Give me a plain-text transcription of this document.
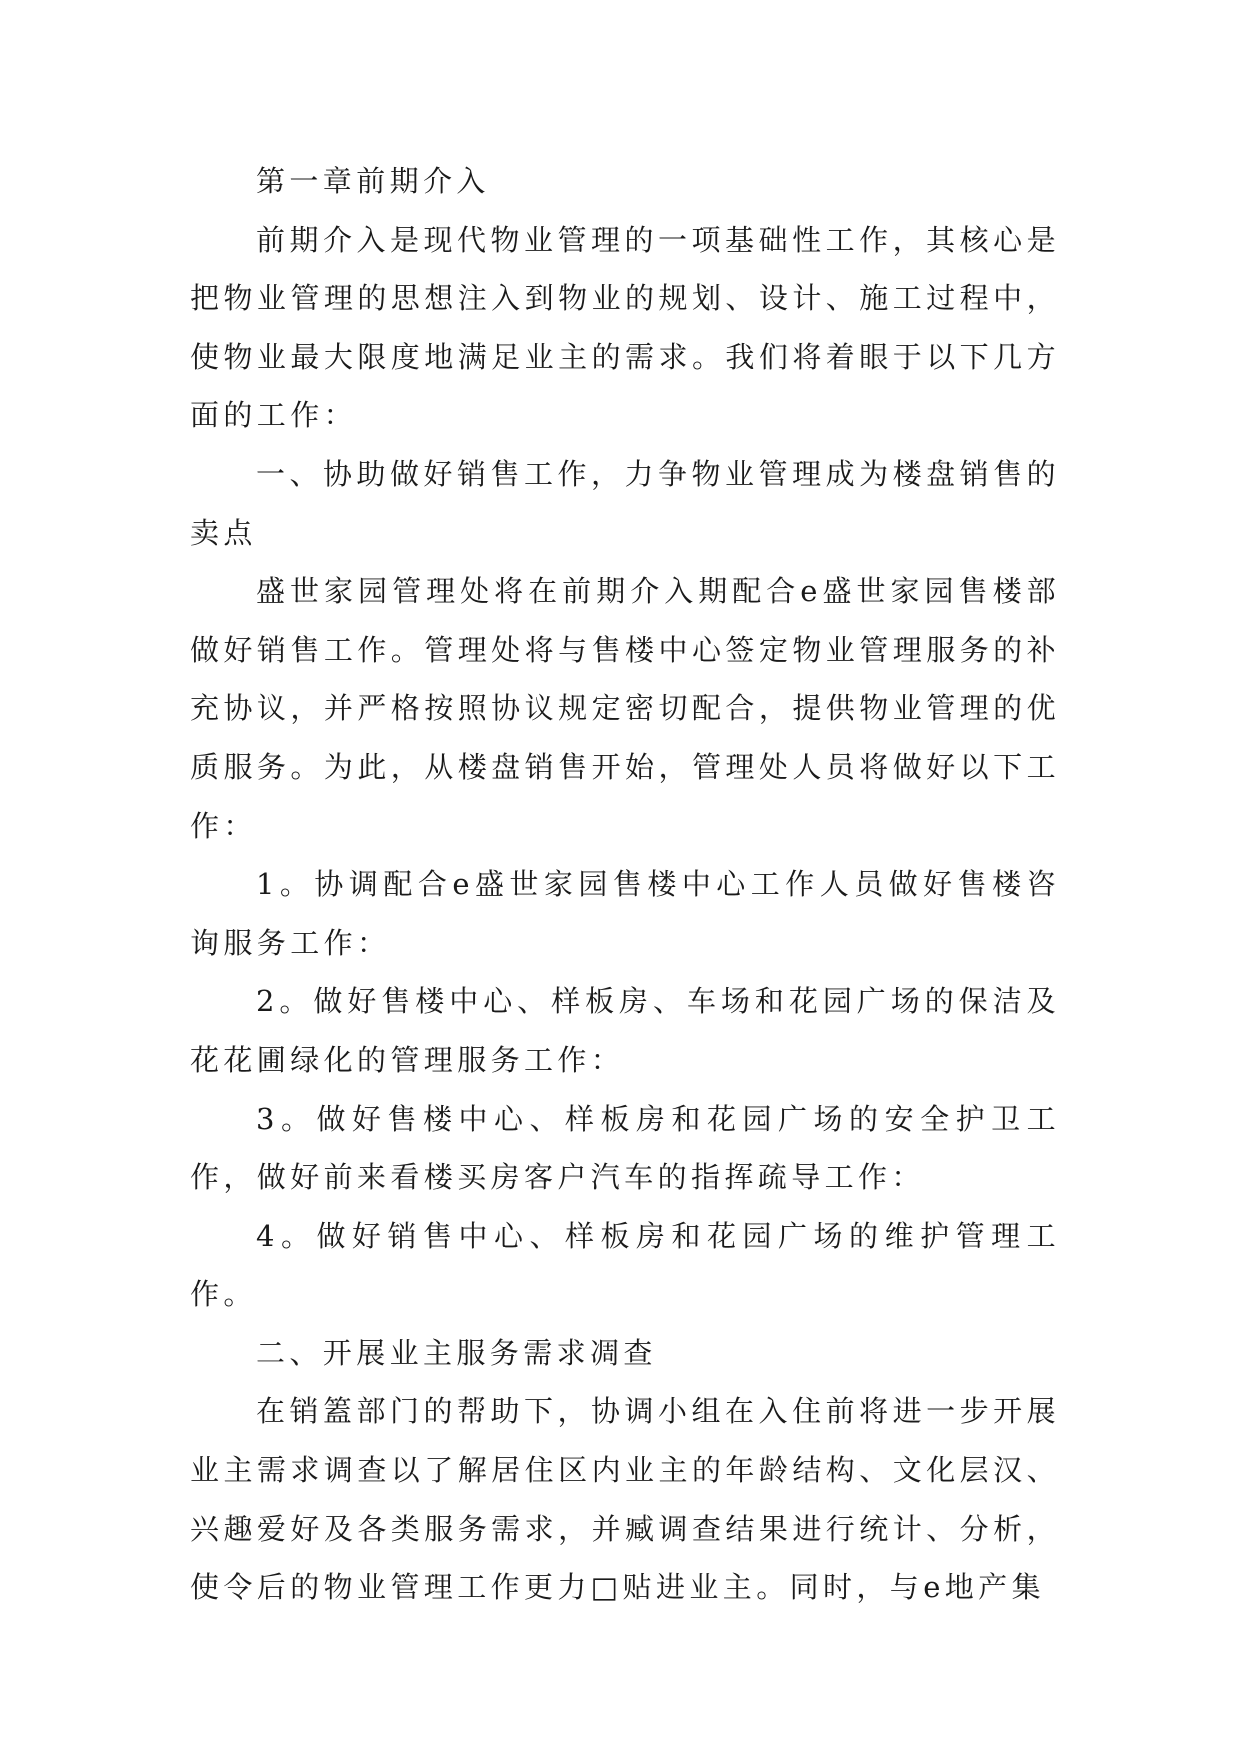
第一章前期介入

前期介入是现代物业管理的一项基础性工作，其核心是把物业管理的思想注入到物业的规划、设计、施工过程中，使物业最大限度地满足业主的需求。我们将着眼于以下几方面的工作：

一、协助做好销售工作，力争物业管理成为楼盘销售的卖点

盛世家园管理处将在前期介入期配合e盛世家园售楼部做好销售工作。管理处将与售楼中心签定物业管理服务的补充协议，并严格按照协议规定密切配合，提供物业管理的优质服务。为此，从楼盘销售开始，管理处人员将做好以下工作：

1。协调配合e盛世家园售楼中心工作人员做好售楼咨询服务工作：

2。做好售楼中心、样板房、车场和花园广场的保洁及花花圃绿化的管理服务工作：

3。做好售楼中心、样板房和花园广场的安全护卫工作，做好前来看楼买房客户汽车的指挥疏导工作：

4。做好销售中心、样板房和花园广场的维护管理工作。

二、开展业主服务需求凋查

在销篕部门的帮助下，协调小组在入住前将进一步开展业主需求调查以了解居住区内业主的年龄结构、文化层汉、兴趣爱好及各类服务需求，并臧调查结果进行统计、分析，使令后的物业管理工作更力□贴进业主。同时，与e地产集
